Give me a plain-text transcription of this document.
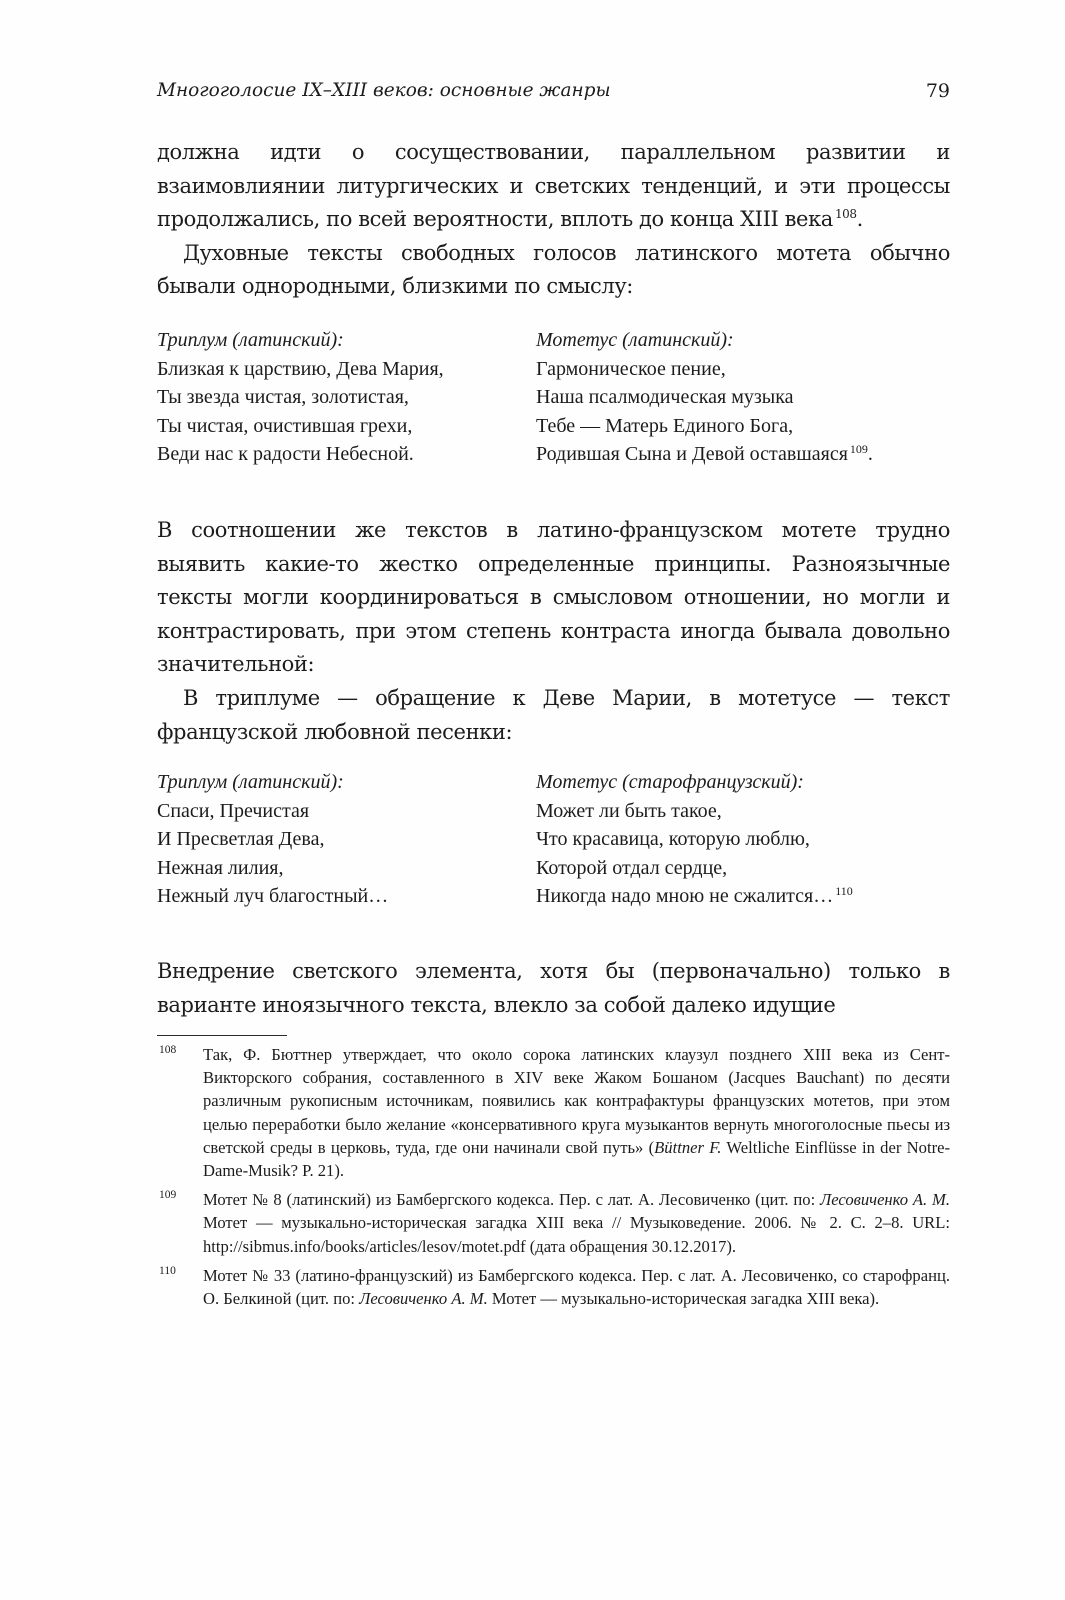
Многоголосие IX–XIII веков: основные жанры	79

должна идти о сосуществовании, параллельном развитии и взаимовлиянии литургических и светских тенденций, и эти процессы продолжались, по всей вероятности, вплоть до конца XIII века $^{108}$.

Духовные тексты свободных голосов латинского мотета обычно бывали однородными, близкими по смыслу:

Триплум (латинский):
Близкая к царствию, Дева Мария,
Ты звезда чистая, золотистая,
Ты чистая, очистившая грехи,
Веди нас к радости Небесной.
Мотетус (латинский):
Гармоническое пение,
Наша псалмодическая музыка
Тебе — Матерь Единого Бога,
Родившая Сына и Девой оставшаяся $^{109}$.

В соотношении же текстов в латино-французском мотете трудно выявить какие-то жестко определенные принципы. Разноязычные тексты могли координироваться в смысловом отношении, но могли и контрастировать, при этом степень контраста иногда бывала довольно значительной:

В триплуме — обращение к Деве Марии, в мотетусе — текст французской любовной песенки:

Триплум (латинский):
Спаси, Пречистая
И Пресветлая Дева,
Нежная лилия,
Нежный луч благостный…
Мотетус (старофранцузский):
Может ли быть такое,
Что красавица, которую люблю,
Которой отдал сердце,
Никогда надо мною не сжалится… $^{110}$

Внедрение светского элемента, хотя бы (первоначально) только в варианте иноязычного текста, влекло за собой далеко идущие

108 Так, Ф. Бюттнер утверждает, что около сорока латинских клаузул позднего XIII века из Сент-Викторского собрания, составленного в XIV веке Жаком Бошаном (Jacques Bauchant) по десяти различным рукописным источникам, появились как контрафактуры французских мотетов, при этом целью переработки было желание «консервативного круга музыкантов вернуть многоголосные пьесы из светской среды в церковь, туда, где они начинали свой путь» (Büttner F. Weltliche Einflüsse in der Notre-Dame-Musik? P. 21).
109 Мотет № 8 (латинский) из Бамбергского кодекса. Пер. с лат. А. Лесовиченко (цит. по: Лесовиченко А. М. Мотет — музыкально-историческая загадка XIII века // Музыковедение. 2006. № 2. С. 2–8. URL: http://sibmus.info/books/articles/lesov/motet.pdf (дата обращения 30.12.2017).
110 Мотет № 33 (латино-французский) из Бамбергского кодекса. Пер. с лат. А. Лесовиченко, со старофранц. О. Белкиной (цит. по: Лесовиченко А. М. Мотет — музыкально-историческая загадка XIII века).
